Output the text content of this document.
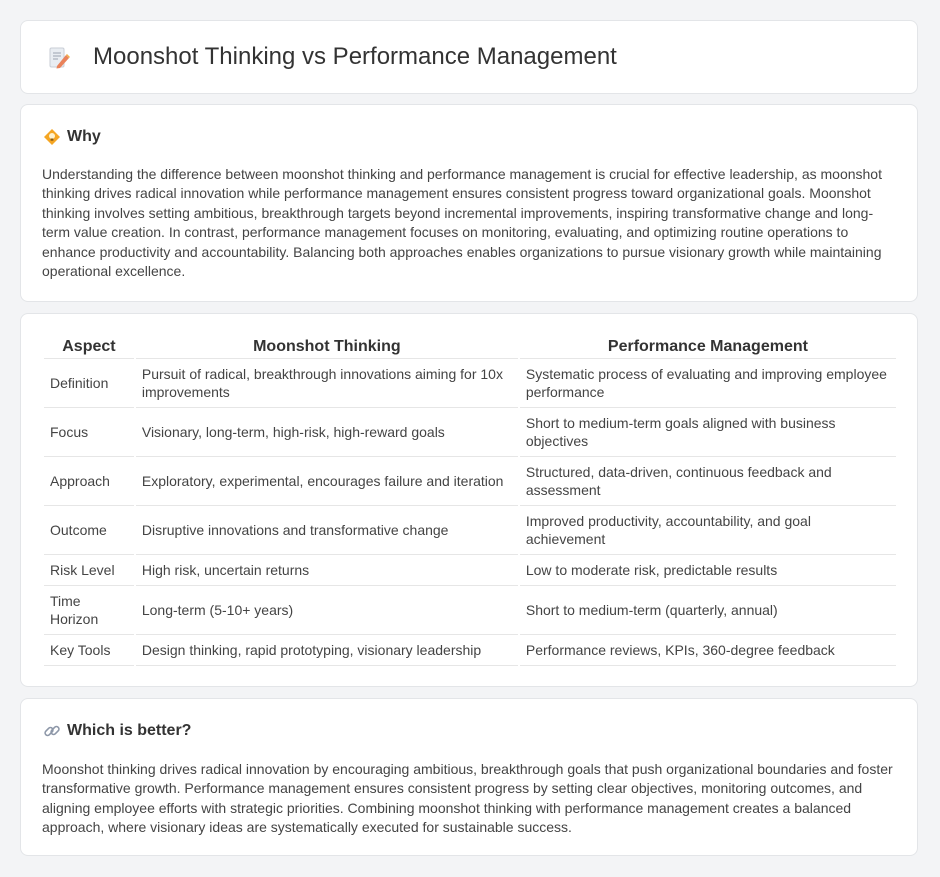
Moonshot Thinking vs Performance Management
Why

Understanding the difference between moonshot thinking and performance management is crucial for effective leadership, as moonshot thinking drives radical innovation while performance management ensures consistent progress toward organizational goals. Moonshot thinking involves setting ambitious, breakthrough targets beyond incremental improvements, inspiring transformative change and long-term value creation. In contrast, performance management focuses on monitoring, evaluating, and optimizing routine operations to enhance productivity and accountability. Balancing both approaches enables organizations to pursue visionary growth while maintaining operational excellence.

Aspect	Moonshot Thinking	Performance Management
Definition	Pursuit of radical, breakthrough innovations aiming for 10x improvements	Systematic process of evaluating and improving employee performance
Focus	Visionary, long-term, high-risk, high-reward goals	Short to medium-term goals aligned with business objectives
Approach	Exploratory, experimental, encourages failure and iteration	Structured, data-driven, continuous feedback and assessment
Outcome	Disruptive innovations and transformative change	Improved productivity, accountability, and goal achievement
Risk Level	High risk, uncertain returns	Low to moderate risk, predictable results
Time Horizon	Long-term (5-10+ years)	Short to medium-term (quarterly, annual)
Key Tools	Design thinking, rapid prototyping, visionary leadership	Performance reviews, KPIs, 360-degree feedback
Which is better?

Moonshot thinking drives radical innovation by encouraging ambitious, breakthrough goals that push organizational boundaries and foster transformative growth. Performance management ensures consistent progress by setting clear objectives, monitoring outcomes, and aligning employee efforts with strategic priorities. Combining moonshot thinking with performance management creates a balanced approach, where visionary ideas are systematically executed for sustainable success.
